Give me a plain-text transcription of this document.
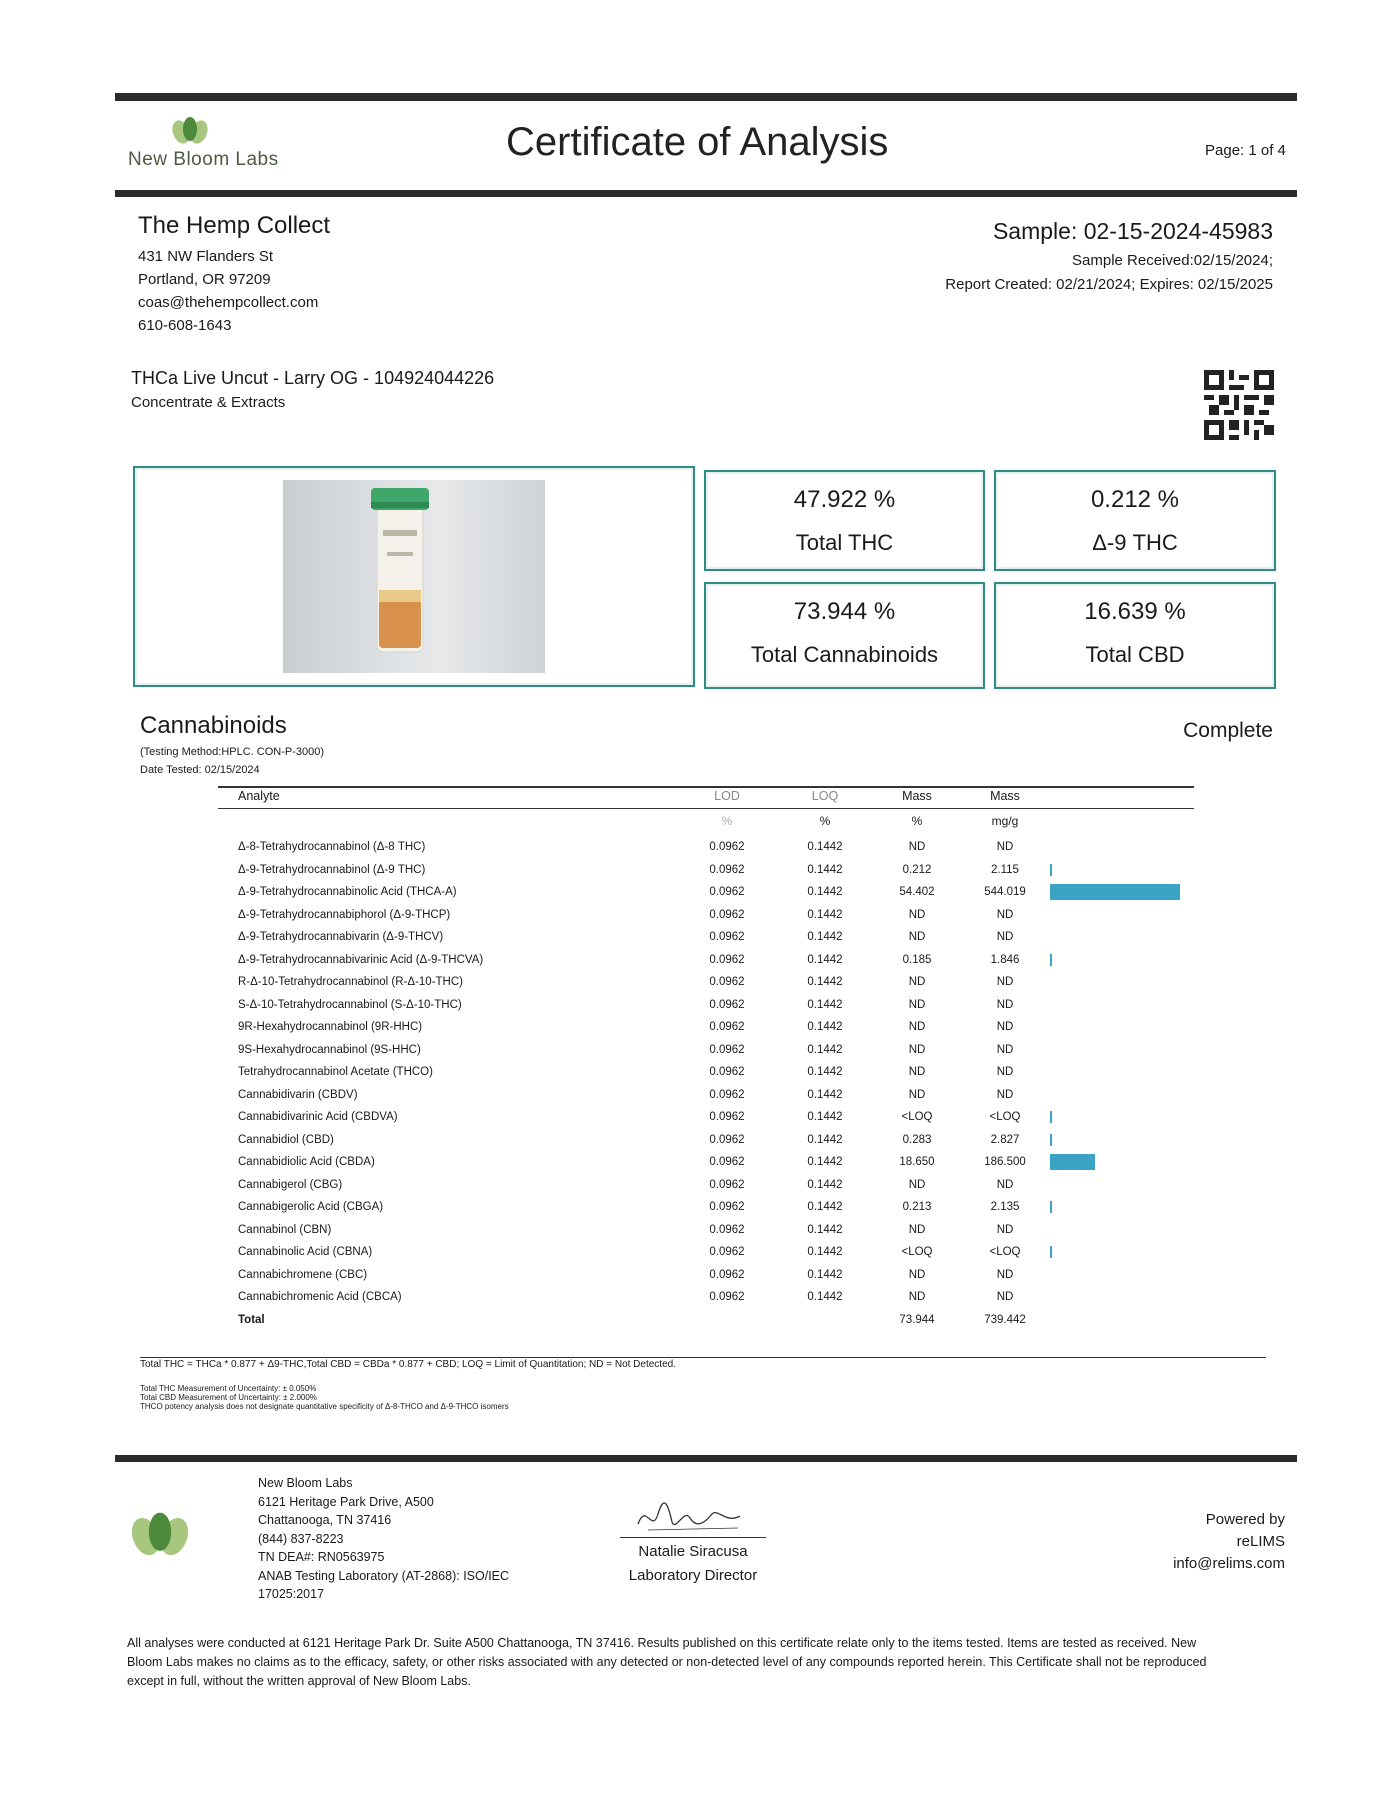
New Bloom Labs	Certificate of Analysis	Page: 1 of 4
The Hemp Collect
431 NW Flanders St
Portland, OR 97209
coas@thehempcollect.com
610-608-1643
Sample: 02-15-2024-45983
Sample Received:02/15/2024;
Report Created: 02/21/2024; Expires: 02/15/2025
THCa Live Uncut - Larry OG - 104924044226
Concentrate & Extracts
47.922 %
Total THC
0.212 %
Δ-9 THC
73.944 %
Total Cannabinoids
16.639 %
Total CBD
Cannabinoids	Complete
(Testing Method:HPLC. CON-P-3000)
Date Tested: 02/15/2024
Analyte	LOD	LOQ	Mass	Mass	
	%	%	%	mg/g	
Δ-8-Tetrahydrocannabinol (Δ-8 THC)	0.0962	0.1442	ND	ND	
Δ-9-Tetrahydrocannabinol (Δ-9 THC)	0.0962	0.1442	0.212	2.115	
Δ-9-Tetrahydrocannabinolic Acid (THCA-A)	0.0962	0.1442	54.402	544.019	
Δ-9-Tetrahydrocannabiphorol (Δ-9-THCP)	0.0962	0.1442	ND	ND	
Δ-9-Tetrahydrocannabivarin (Δ-9-THCV)	0.0962	0.1442	ND	ND	
Δ-9-Tetrahydrocannabivarinic Acid (Δ-9-THCVA)	0.0962	0.1442	0.185	1.846	
R-Δ-10-Tetrahydrocannabinol (R-Δ-10-THC)	0.0962	0.1442	ND	ND	
S-Δ-10-Tetrahydrocannabinol (S-Δ-10-THC)	0.0962	0.1442	ND	ND	
9R-Hexahydrocannabinol (9R-HHC)	0.0962	0.1442	ND	ND	
9S-Hexahydrocannabinol (9S-HHC)	0.0962	0.1442	ND	ND	
Tetrahydrocannabinol Acetate (THCO)	0.0962	0.1442	ND	ND	
Cannabidivarin (CBDV)	0.0962	0.1442	ND	ND	
Cannabidivarinic Acid (CBDVA)	0.0962	0.1442	<LOQ	<LOQ	
Cannabidiol (CBD)	0.0962	0.1442	0.283	2.827	
Cannabidiolic Acid (CBDA)	0.0962	0.1442	18.650	186.500	
Cannabigerol (CBG)	0.0962	0.1442	ND	ND	
Cannabigerolic Acid (CBGA)	0.0962	0.1442	0.213	2.135	
Cannabinol (CBN)	0.0962	0.1442	ND	ND	
Cannabinolic Acid (CBNA)	0.0962	0.1442	<LOQ	<LOQ	
Cannabichromene (CBC)	0.0962	0.1442	ND	ND	
Cannabichromenic Acid (CBCA)	0.0962	0.1442	ND	ND	
Total			73.944	739.442	
Total THC = THCa * 0.877 + Δ9-THC,Total CBD = CBDa * 0.877 + CBD; LOQ = Limit of Quantitation; ND = Not Detected.
Total THC Measurement of Uncertainty: ± 0.050%
Total CBD Measurement of Uncertainty: ± 2.000%
THCO potency analysis does not designate quantitative specificity of Δ-8-THCO and Δ-9-THCO isomers
New Bloom Labs
6121 Heritage Park Drive, A500
Chattanooga, TN 37416
(844) 837-8223
TN DEA#: RN0563975
ANAB Testing Laboratory (AT-2868): ISO/IEC
17025:2017
Natalie Siracusa
Laboratory Director
Powered by
reLIMS
info@relims.com
All analyses were conducted at 6121 Heritage Park Dr. Suite A500 Chattanooga, TN 37416. Results published on this certificate relate only to the items tested. Items are tested as received. New
Bloom Labs makes no claims as to the efficacy, safety, or other risks associated with any detected or non-detected level of any compounds reported herein. This Certificate shall not be reproduced
except in full, without the written approval of New Bloom Labs.
